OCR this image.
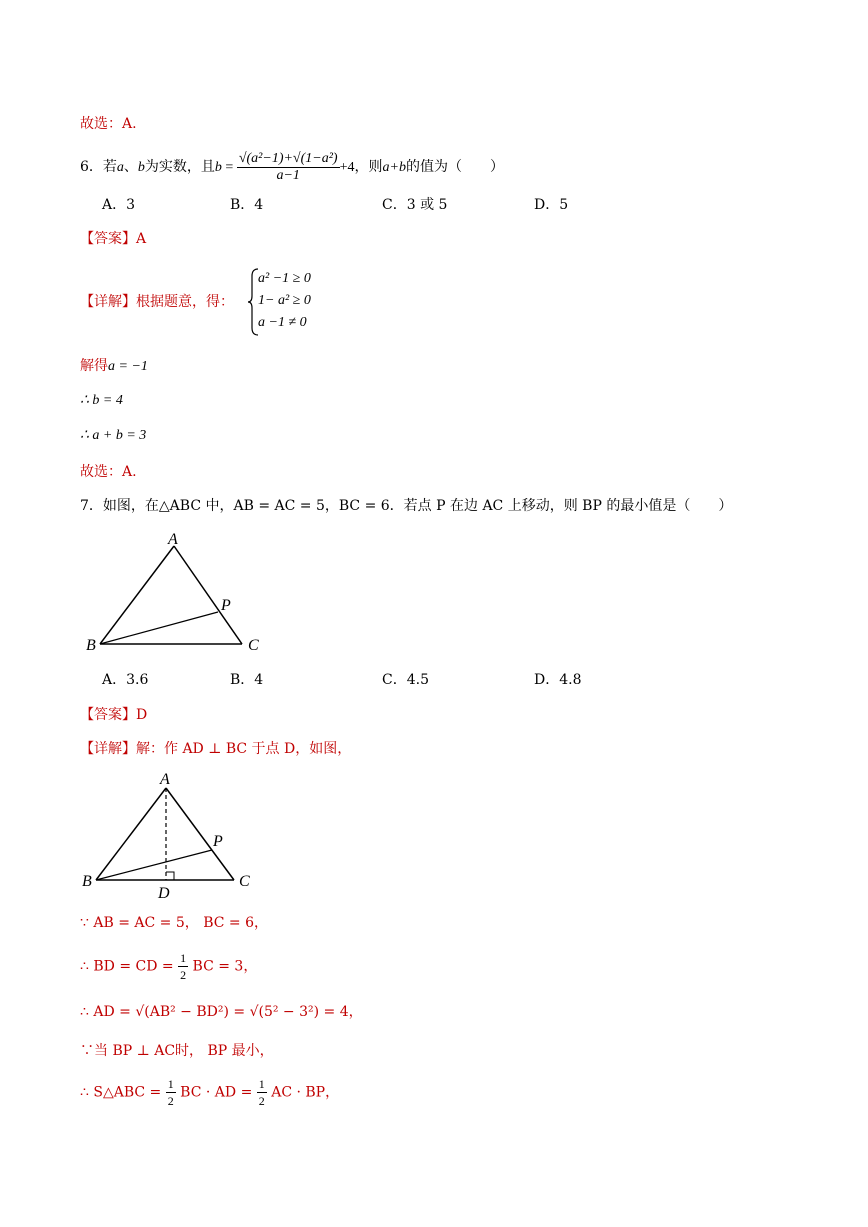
故选：A.
6．若a、b为实数，且$b = \frac{\text{√(a²−1)+√(1−a²)}}{a-1} +4$，则a+b的值为（　　）
A．3	B．4	C．3 或 5	D．5
【答案】A
【详解】根据题意，得：
a² −1 ≥ 0
1− a² ≥ 0
a −1 ≠ 0
解得a = −1
∴ b = 4
∴ a + b = 3
故选：A.
7．如图，在△ABC 中，AB = AC = 5，BC = 6．若点 P 在边 AC 上移动，则 BP 的最小值是（　　）
A
B	C
P
A．3.6	B．4	C．4.5	D．4.8
【答案】D
【详解】解：作 AD ⊥ BC 于点 D，如图，
A
B	C
P
D
∵ AB = AC = 5， BC = 6，
∴ BD = CD = $\frac{1}{2}$ BC = 3，
∴ AD = √(AB² − BD²) = √(5² − 3²) = 4，
∵当 BP ⊥ AC时， BP 最小，
∴ S△ABC = $\frac{1}{2}$ BC · AD = $\frac{1}{2}$ AC · BP，
